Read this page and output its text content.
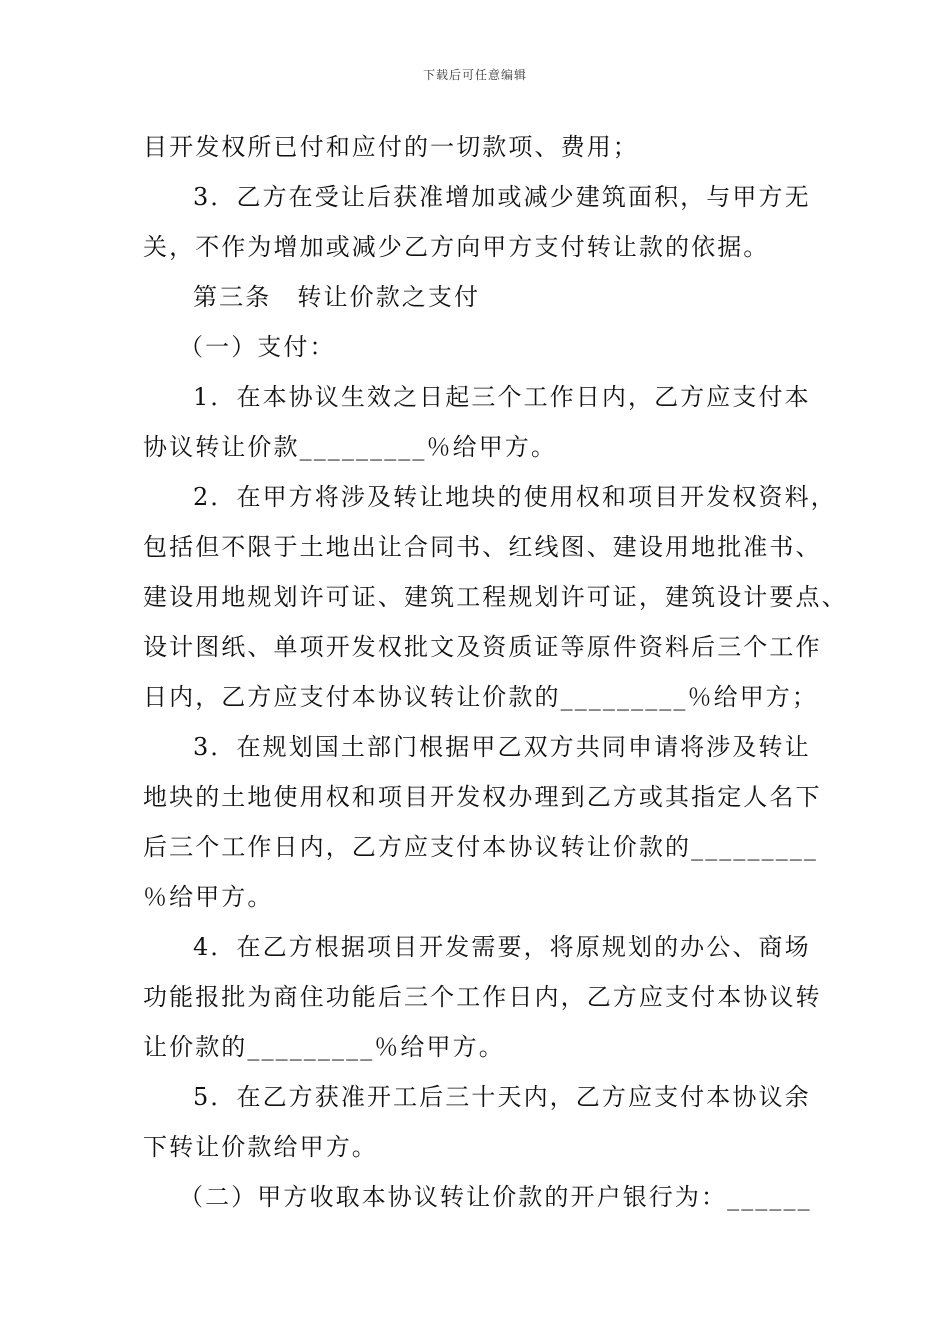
下载后可任意编辑
目开发权所已付和应付的一切款项、费用；
3．乙方在受让后获准增加或减少建筑面积，与甲方无
关，不作为增加或减少乙方向甲方支付转让款的依据。
第三条　转让价款之支付
（一）支付：
1．在本协议生效之日起三个工作日内，乙方应支付本
协议转让价款_________％给甲方。
2．在甲方将涉及转让地块的使用权和项目开发权资料，
包括但不限于土地出让合同书、红线图、建设用地批准书、
建设用地规划许可证、建筑工程规划许可证，建筑设计要点、
设计图纸、单项开发权批文及资质证等原件资料后三个工作
日内，乙方应支付本协议转让价款的_________％给甲方；
3．在规划国土部门根据甲乙双方共同申请将涉及转让
地块的土地使用权和项目开发权办理到乙方或其指定人名下
后三个工作日内，乙方应支付本协议转让价款的_________
％给甲方。
4．在乙方根据项目开发需要，将原规划的办公、商场
功能报批为商住功能后三个工作日内，乙方应支付本协议转
让价款的_________％给甲方。
5．在乙方获准开工后三十天内，乙方应支付本协议余
下转让价款给甲方。
（二）甲方收取本协议转让价款的开户银行为：______
